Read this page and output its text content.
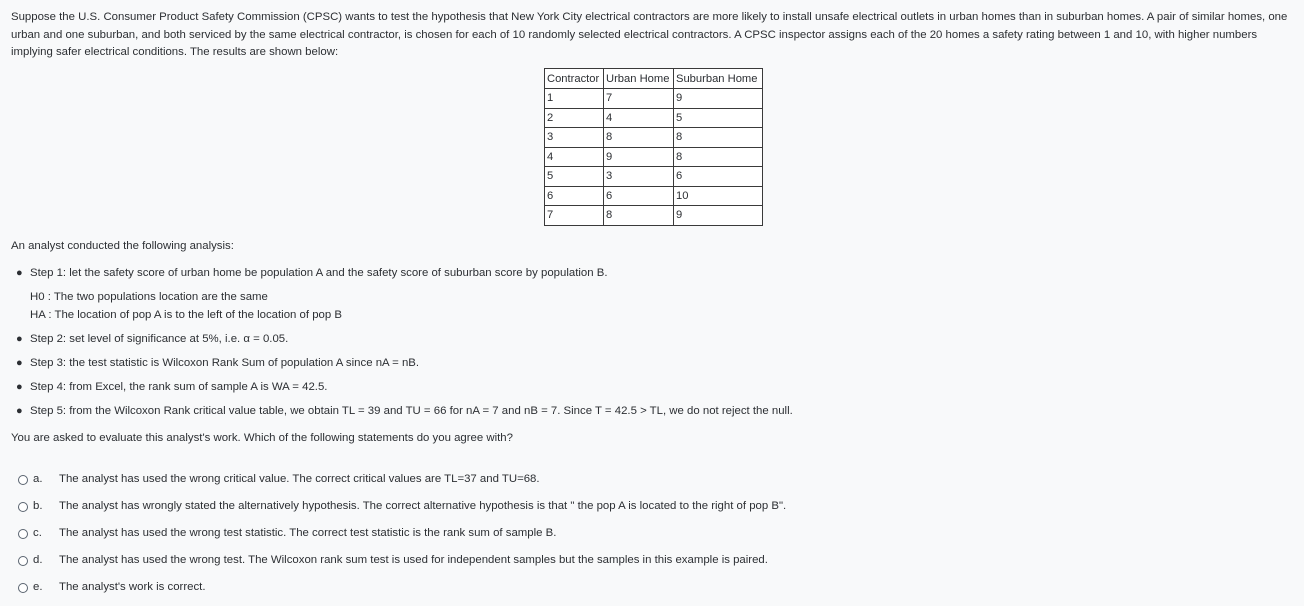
Suppose the U.S. Consumer Product Safety Commission (CPSC) wants to test the hypothesis that New York City electrical contractors are more likely to install unsafe electrical outlets in urban homes than in suburban homes. A pair of similar homes, one urban and one suburban, and both serviced by the same electrical contractor, is chosen for each of 10 randomly selected electrical contractors. A CPSC inspector assigns each of the 20 homes a safety rating between 1 and 10, with higher numbers implying safer electrical conditions. The results are shown below:

Contractor	Urban Home	Suburban Home
1	7	9
2	4	5
3	8	8
4	9	8
5	3	6
6	6	10
7	8	9

An analyst conducted the following analysis:

● Step 1: let the safety score of urban home be population A and the safety score of suburban score by population B.
H0 : The two populations location are the same
HA : The location of pop A is to the left of the location of pop B
● Step 2: set level of significance at 5%, i.e. α = 0.05.
● Step 3: the test statistic is Wilcoxon Rank Sum of population A since nA = nB.
● Step 4: from Excel, the rank sum of sample A is WA = 42.5.
● Step 5: from the Wilcoxon Rank critical value table, we obtain TL = 39 and TU = 66 for nA = 7 and nB = 7. Since T = 42.5 > TL, we do not reject the null.

You are asked to evaluate this analyst's work. Which of the following statements do you agree with?

a.	The analyst has used the wrong critical value. The correct critical values are TL=37 and TU=68.
b.	The analyst has wrongly stated the alternatively hypothesis. The correct alternative hypothesis is that " the pop A is located to the right of pop B".
c.	The analyst has used the wrong test statistic. The correct test statistic is the rank sum of sample B.
d.	The analyst has used the wrong test. The Wilcoxon rank sum test is used for independent samples but the samples in this example is paired.
e.	The analyst's work is correct.
